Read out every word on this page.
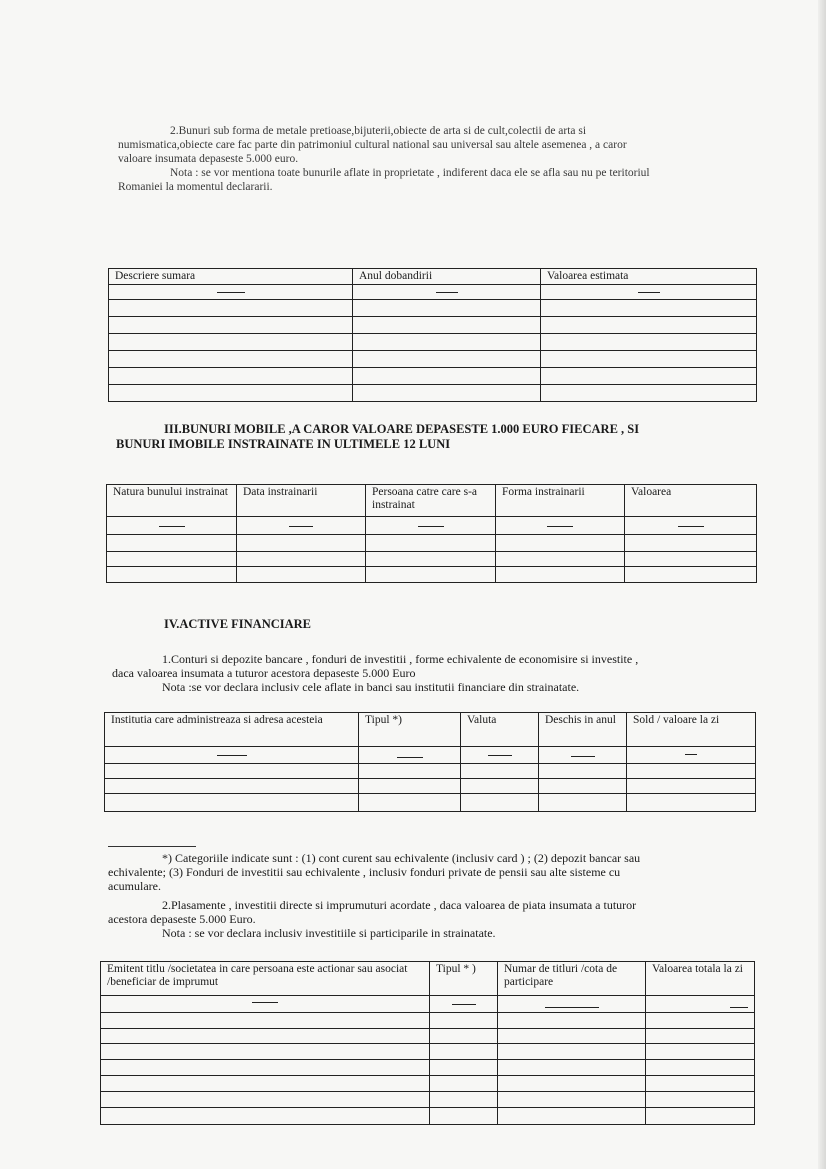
2.Bunuri sub forma de metale pretioase,bijuterii,obiecte de arta si de cult,colectii de arta si

numismatica,obiecte care fac parte din patrimoniul cultural national sau universal sau altele asemenea , a caror

valoare insumata depaseste 5.000 euro.

Nota : se vor mentiona toate bunurile aflate in proprietate , indiferent daca ele se afla sau nu pe teritoriul

Romaniei la momentul declararii.

Descriere sumara	Anul dobandirii	Valoarea estimata

III.BUNURI MOBILE ,A CAROR VALOARE DEPASESTE 1.000 EURO FIECARE , SI

BUNURI IMOBILE INSTRAINATE IN ULTIMELE 12 LUNI

Natura bunului instrainat	Data instrainarii	Persoana catre care s-a instrainat	Forma instrainarii	Valoarea

IV.ACTIVE FINANCIARE

1.Conturi si depozite bancare , fonduri de investitii , forme echivalente de economisire si investite ,

daca valoarea insumata a tuturor acestora depaseste 5.000 Euro

Nota :se vor declara inclusiv cele aflate in banci sau institutii financiare din strainatate.

Institutia care administreaza si adresa acesteia	Tipul *)	Valuta	Deschis in anul	Sold / valoare la zi

*) Categoriile indicate sunt : (1) cont curent sau echivalente (inclusiv card ) ; (2) depozit bancar sau

echivalente; (3) Fonduri de investitii sau echivalente , inclusiv fonduri private de pensii sau alte sisteme cu

acumulare.

2.Plasamente , investitii directe si imprumuturi acordate , daca valoarea de piata insumata a tuturor

acestora depaseste 5.000 Euro.

Nota : se vor declara inclusiv investitiile si participarile in strainatate.

Emitent titlu /societatea in care persoana este actionar sau asociat /beneficiar de imprumut	Tipul * )	Numar de titluri /cota de participare	Valoarea totala la zi
